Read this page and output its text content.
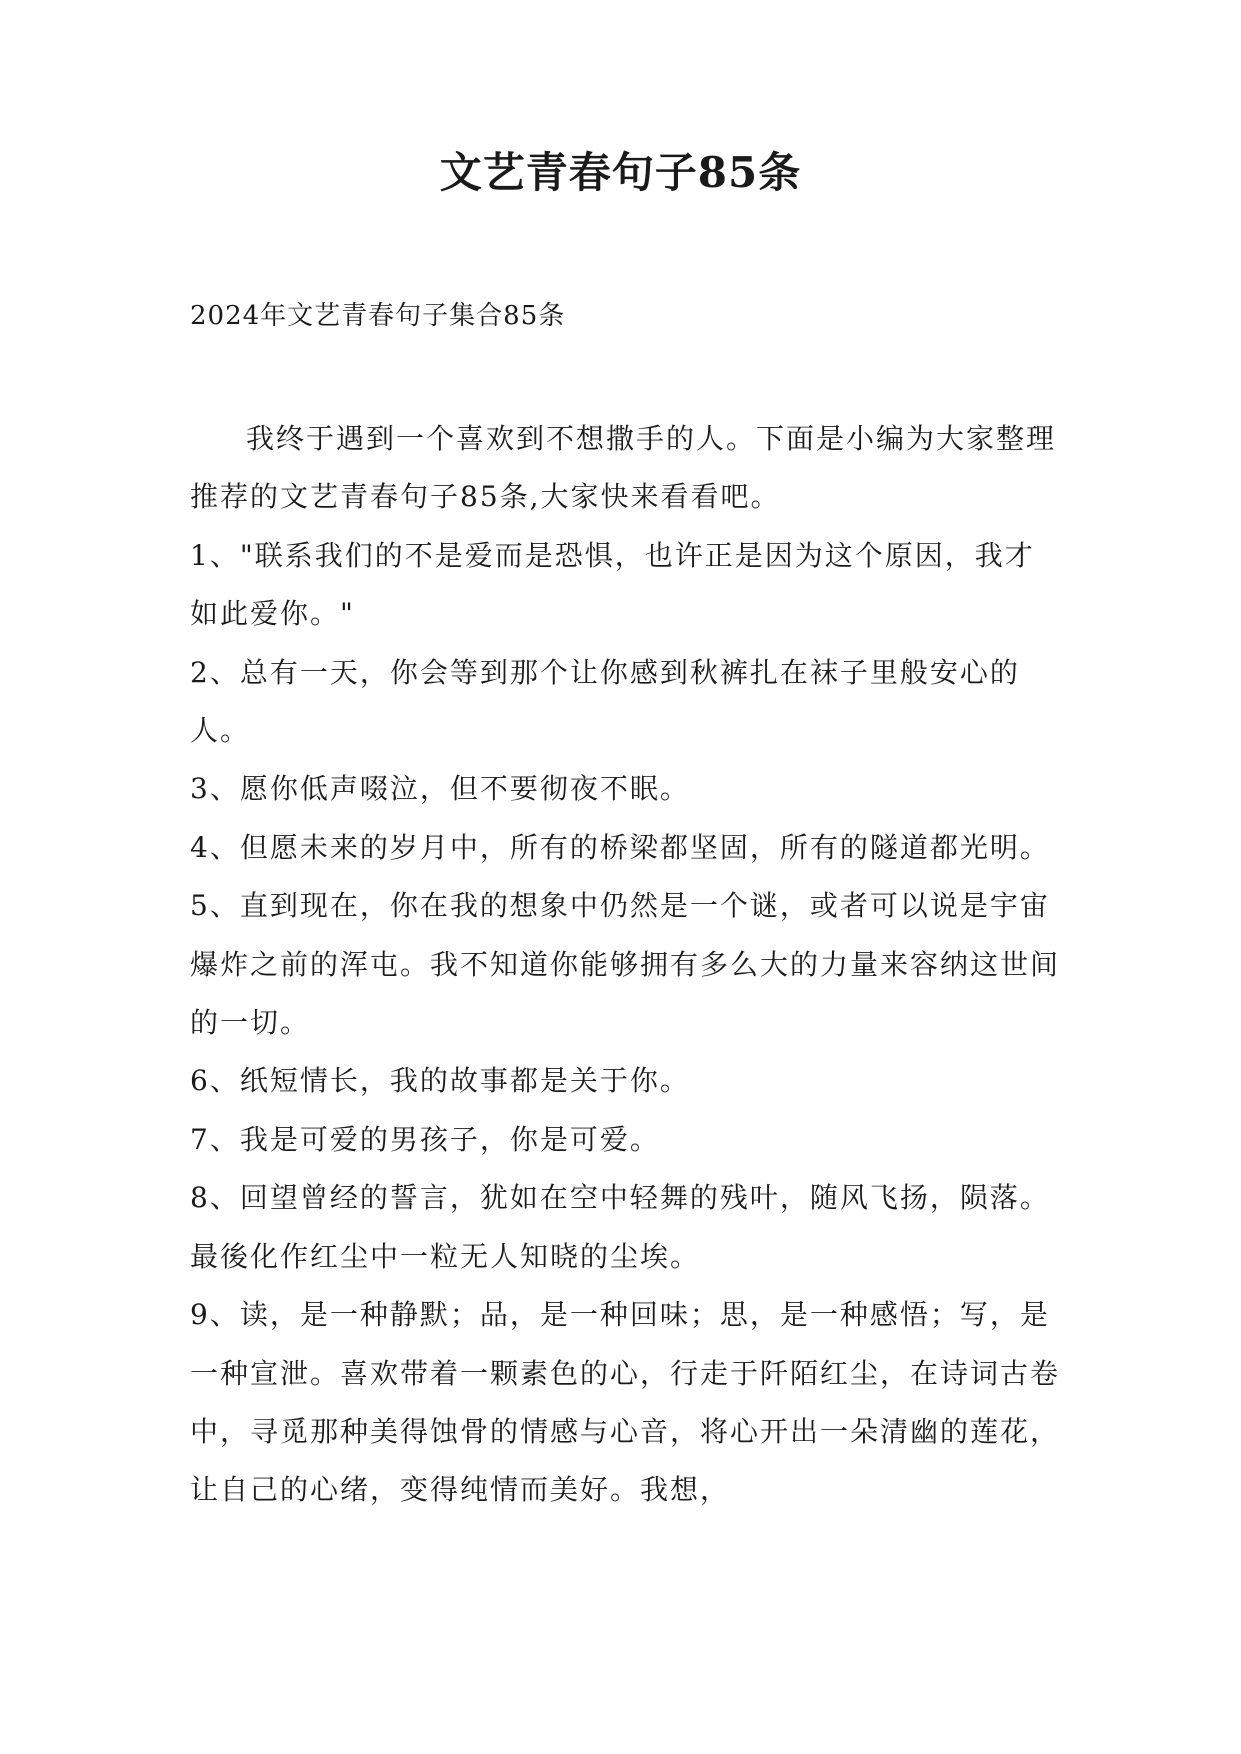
文艺青春句子85条
2024年文艺青春句子集合85条

我终于遇到一个喜欢到不想撒手的人。下面是小编为大家整理推荐的文艺青春句子85条,大家快来看看吧。

1、"联系我们的不是爱而是恐惧，也许正是因为这个原因，我才如此爱你。"

2、总有一天，你会等到那个让你感到秋裤扎在袜子里般安心的人。

3、愿你低声啜泣，但不要彻夜不眠。

4、但愿未来的岁月中，所有的桥梁都坚固，所有的隧道都光明。

5、直到现在，你在我的想象中仍然是一个谜，或者可以说是宇宙爆炸之前的浑屯。我不知道你能够拥有多么大的力量来容纳这世间的一切。

6、纸短情长，我的故事都是关于你。

7、我是可爱的男孩子，你是可爱。

8、回望曾经的誓言，犹如在空中轻舞的残叶，随风飞扬，陨落。最後化作红尘中一粒无人知晓的尘埃。

9、读，是一种静默；品，是一种回味；思，是一种感悟；写，是一种宣泄。喜欢带着一颗素色的心，行走于阡陌红尘，在诗词古卷中，寻觅那种美得蚀骨的情感与心音，将心开出一朵清幽的莲花，让自己的心绪，变得纯情而美好。我想，
